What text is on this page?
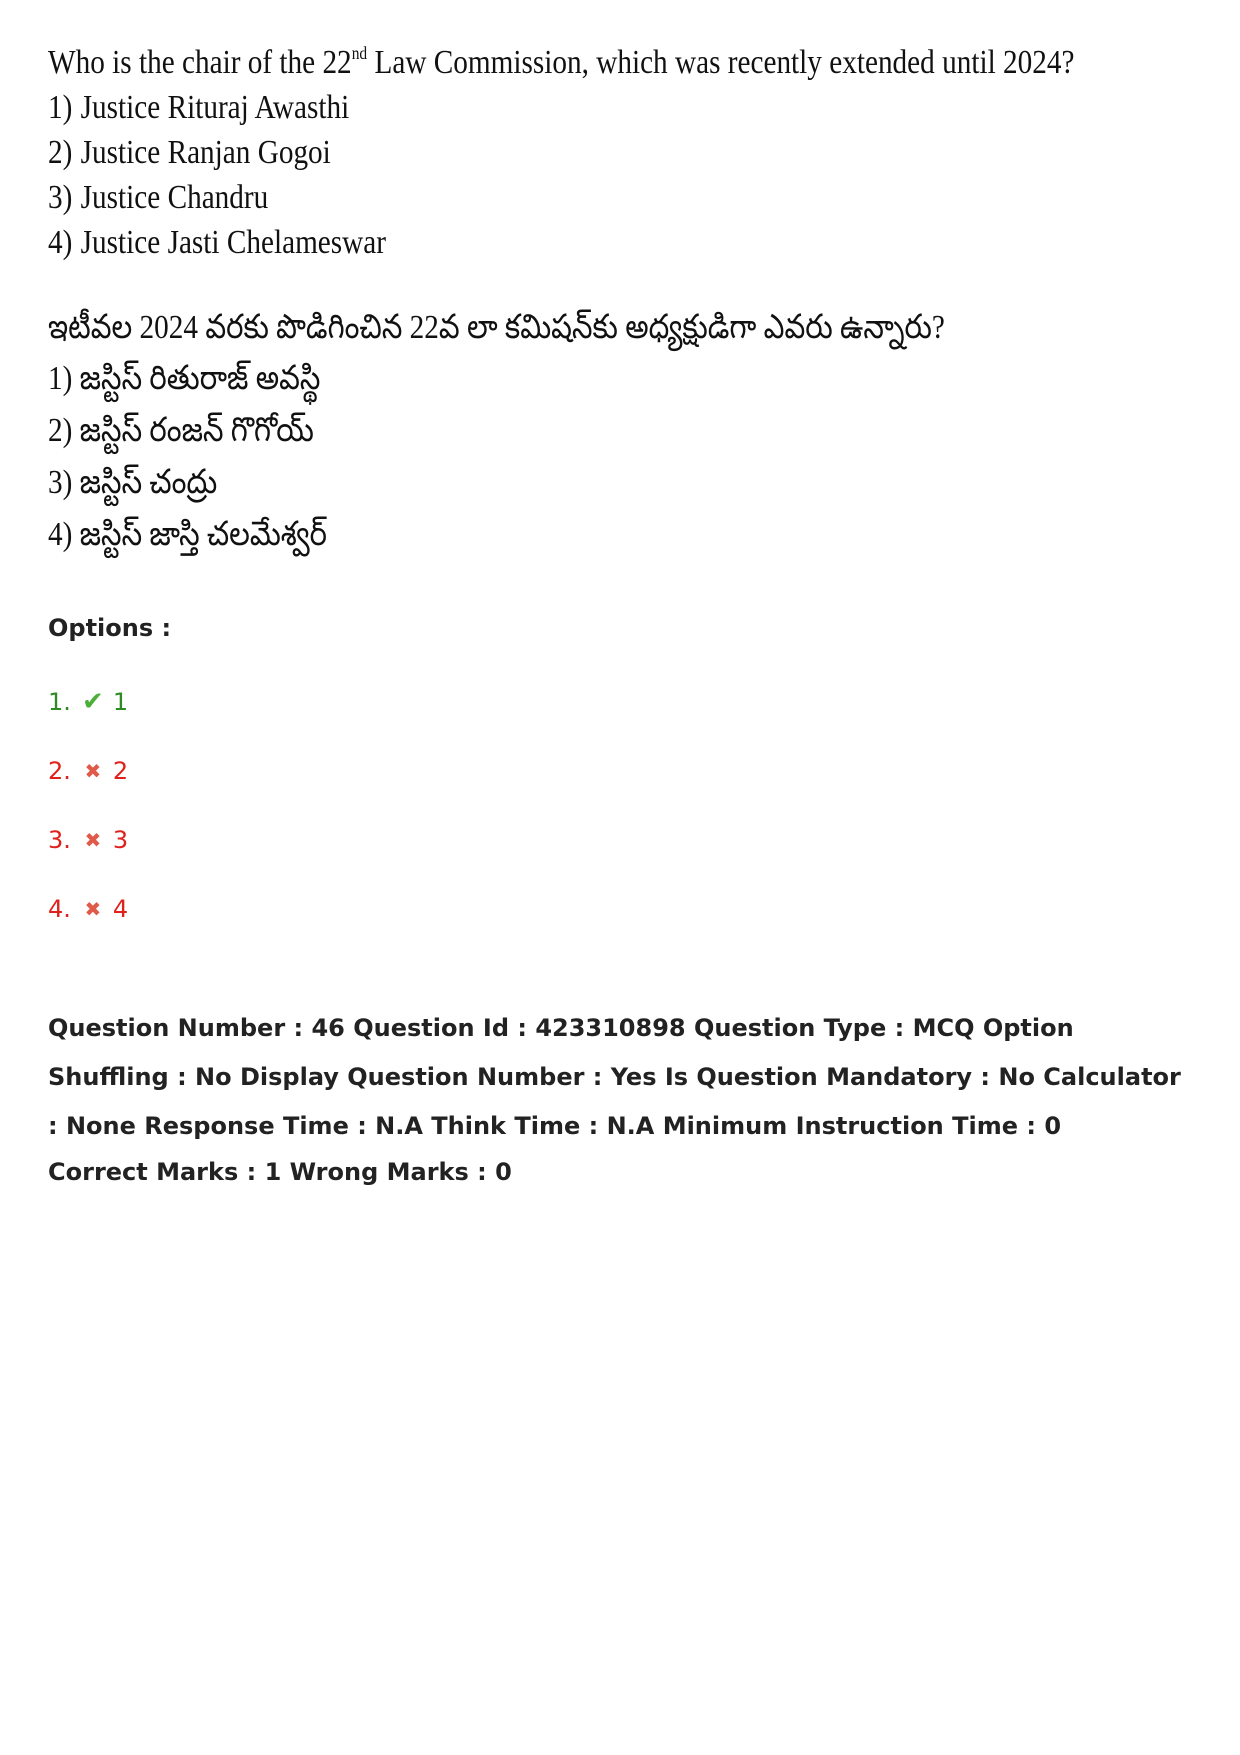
Who is the chair of the 22nd Law Commission, which was recently extended until 2024?
1) Justice Rituraj Awasthi
2) Justice Ranjan Gogoi
3) Justice Chandru
4) Justice Jasti Chelameswar
ఇటీవల 2024 వరకు పొడిగించిన 22వ లా కమిషన్‌కు అధ్యక్షుడిగా ఎవరు ఉన్నారు?
1) జస్టిస్ రితురాజ్ అవస్థి
2) జస్టిస్ రంజన్ గొగోయ్
3) జస్టిస్ చంద్రు
4) జస్టిస్ జాస్తి చలమేశ్వర్
Options :
1. ✔ 1
2. ✖ 2
3. ✖ 3
4. ✖ 4
Question Number : 46 Question Id : 423310898 Question Type : MCQ Option Shuffling : No Display Question Number : Yes Is Question Mandatory : No Calculator : None Response Time : N.A Think Time : N.A Minimum Instruction Time : 0
Correct Marks : 1 Wrong Marks : 0
